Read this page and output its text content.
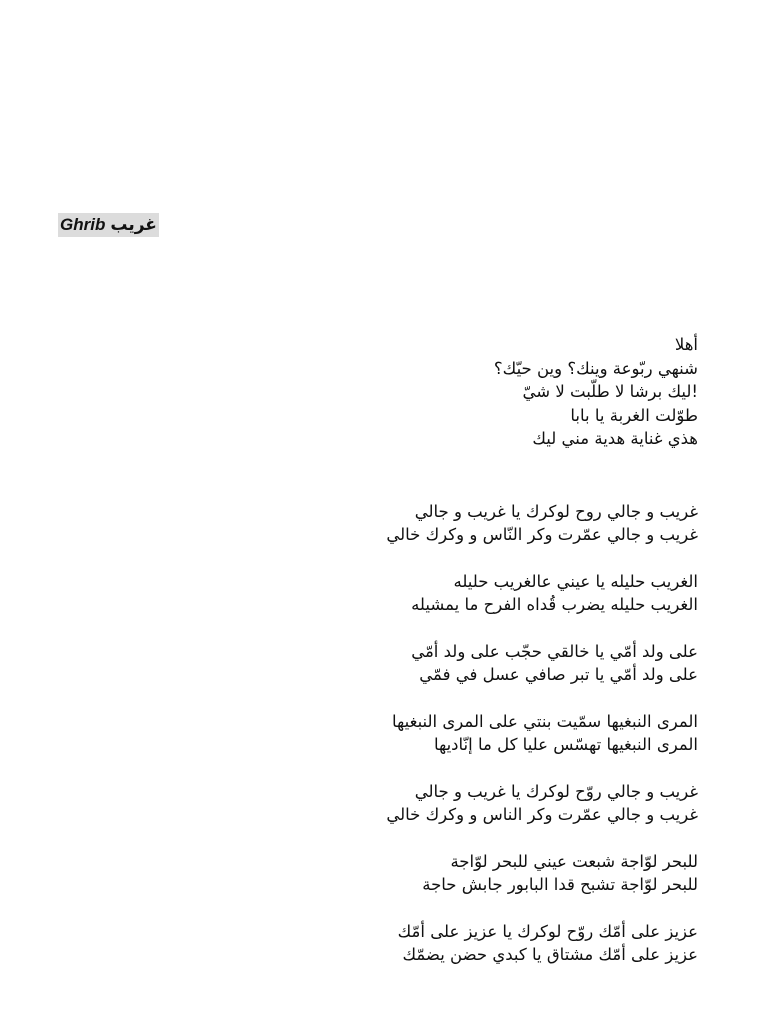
Ghrib غريب
أهلا
شنهي ربّوعة وينك؟ وين حيّك؟
!ليك برشا لا طلّبت لا شيّ
طوّلت الغربة يا بابا
هذي غناية هدية مني ليك
غريب و جالي روح لوكرك يا غريب و جالي
غريب و جالي عمّرت وكر النّاس و وكرك خالي
الغريب حليله يا عيني عالغريب حليله
الغريب حليله يضرب قُداه الفرح ما يمشيله
على ولد أمّي يا خالقي حجّب على ولد أمّي
على ولد أمّي يا تبر صافي عسل في فمّي
المرى النبغيها سمّيت بنتي على المرى النبغيها
المرى النبغيها تهسّس عليا كل ما إنّاديها
غريب و جالي روّح لوكرك يا غريب و جالي
غريب و جالي عمّرت وكر الناس و وكرك خالي
للبحر لوّاجة شبعت عيني للبحر لوّاجة
للبحر لوّاجة تشبح قدا البابور جابش حاجة
عزيز على أمّك روّح لوكرك يا عزيز على أمّك
عزيز على أمّك مشتاق يا كبدي حضن يضمّك
